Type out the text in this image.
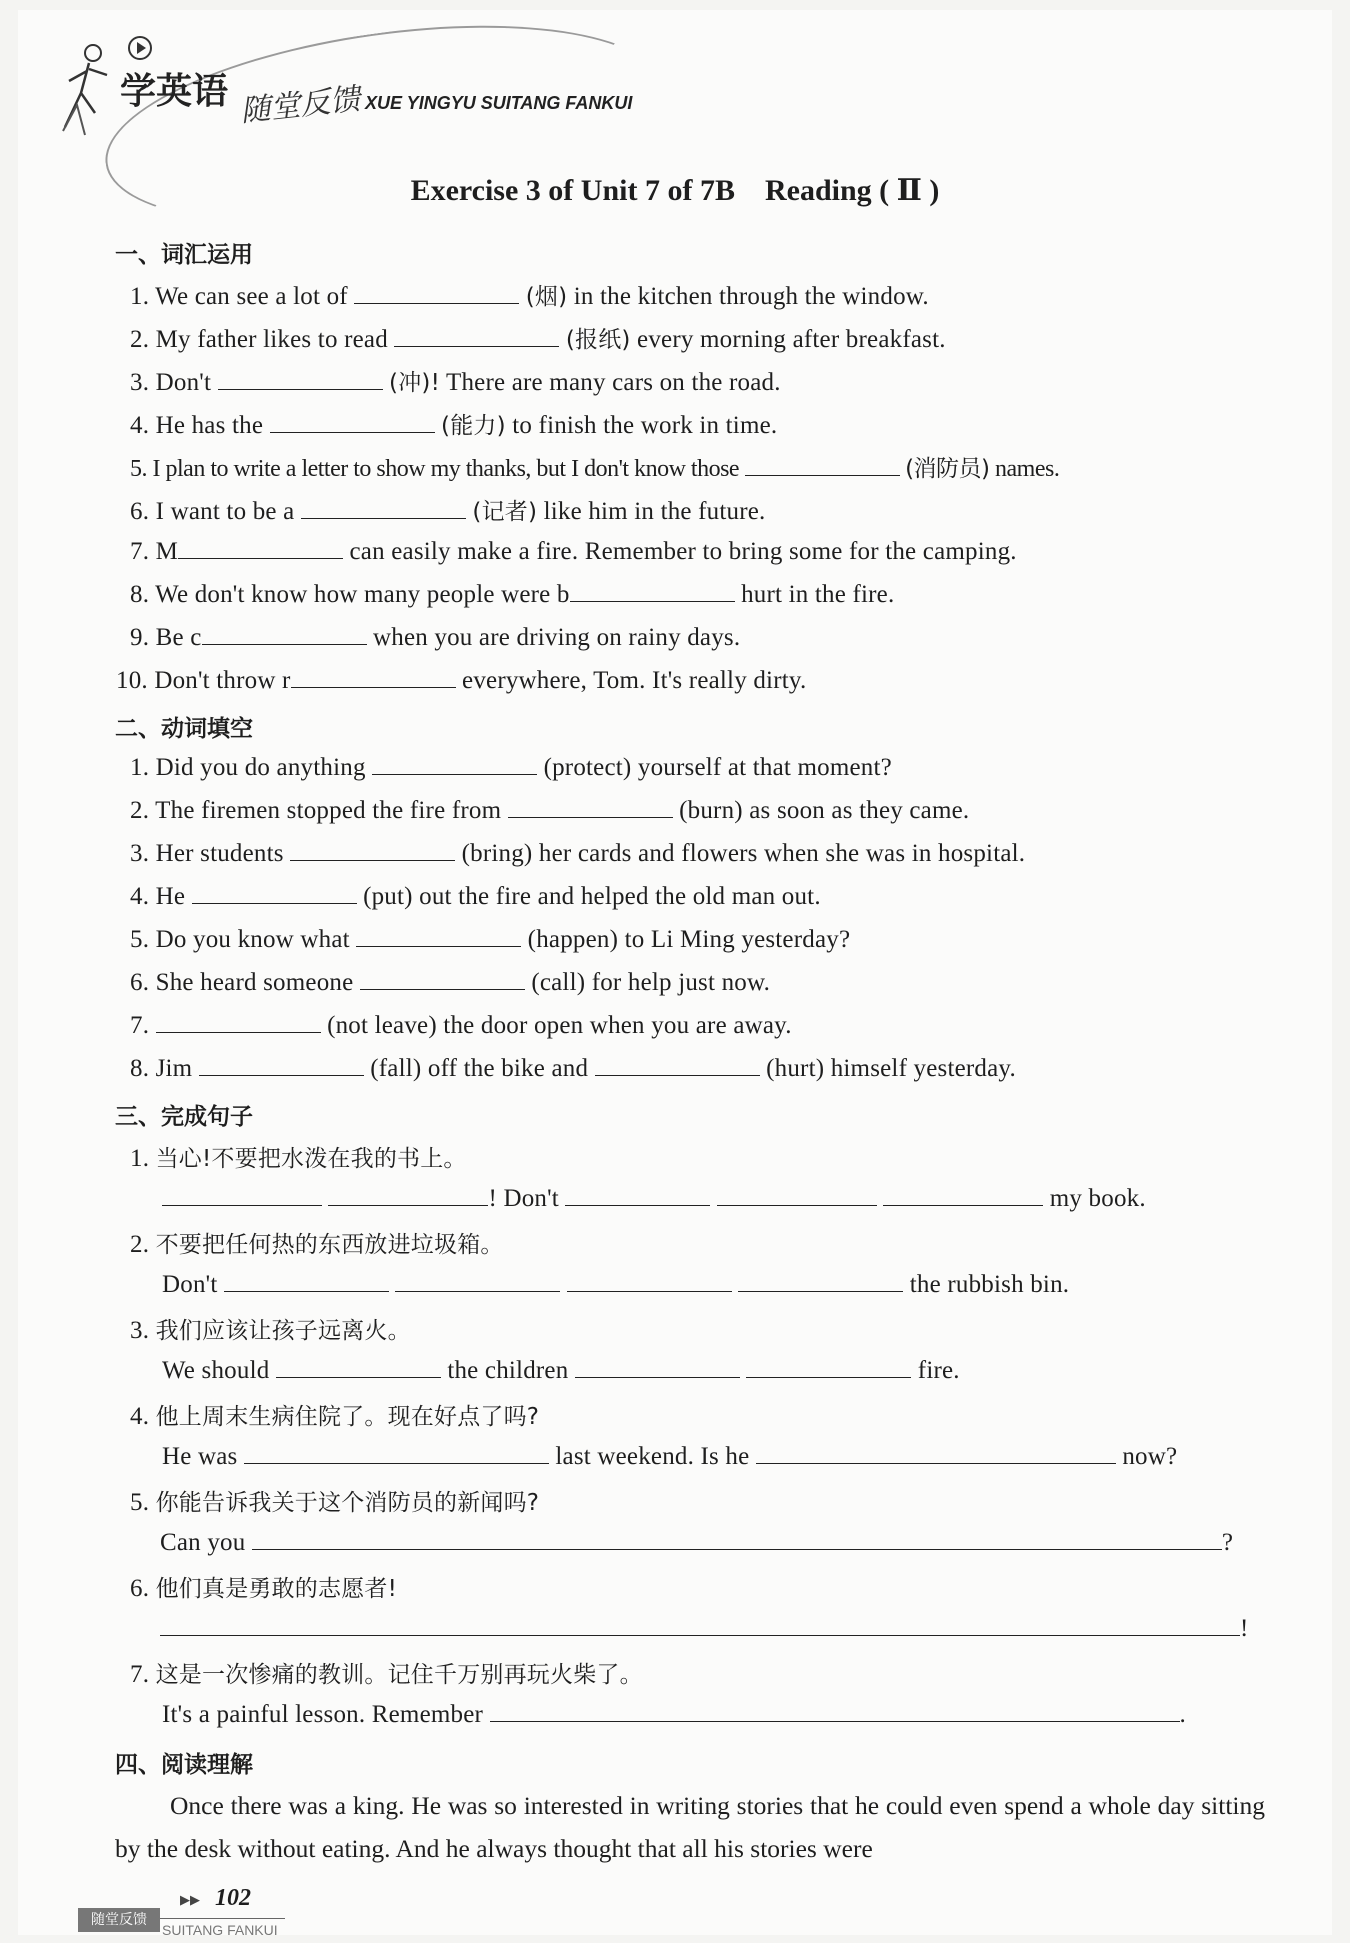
学英语 随堂反馈 XUE YINGYU SUITANG FANKUI
Exercise 3 of Unit 7 of 7B　Reading ( Ⅱ )
一、词汇运用
1. We can see a lot of	(烟) in the kitchen through the window.
2. My father likes to read	(报纸) every morning after breakfast.
3. Don't	(冲)! There are many cars on the road.
4. He has the	(能力) to finish the work in time.
5. I plan to write a letter to show my thanks, but I don't know those	(消防员) names.
6. I want to be a	(记者) like him in the future.
7. M	can easily make a fire. Remember to bring some for the camping.
8. We don't know how many people were b	hurt in the fire.
9. Be c	when you are driving on rainy days.
10. Don't throw r	everywhere, Tom. It's really dirty.
二、动词填空
1. Did you do anything	(protect) yourself at that moment?
2. The firemen stopped the fire from	(burn) as soon as they came.
3. Her students	(bring) her cards and flowers when she was in hospital.
4. He	(put) out the fire and helped the old man out.
5. Do you know what	(happen) to Li Ming yesterday?
6. She heard someone	(call) for help just now.
7.	(not leave) the door open when you are away.
8. Jim	(fall) off the bike and	(hurt) himself yesterday.
三、完成句子
1. 当心!不要把水泼在我的书上。
! Don't	my book.
2. 不要把任何热的东西放进垃圾箱。
Don't	the rubbish bin.
3. 我们应该让孩子远离火。
We should	the children	fire.
4. 他上周末生病住院了。现在好点了吗?
He was	last weekend. Is he	now?
5. 你能告诉我关于这个消防员的新闻吗?
Can you	?
6. 他们真是勇敢的志愿者!
!
7. 这是一次惨痛的教训。记住千万别再玩火柴了。
It's a painful lesson. Remember	.
四、阅读理解
Once there was a king. He was so interested in writing stories that he could even spend a whole day sitting by the desk without eating. And he always thought that all his stories were
▶▶ 102
随堂反馈
SUITANG FANKUI
